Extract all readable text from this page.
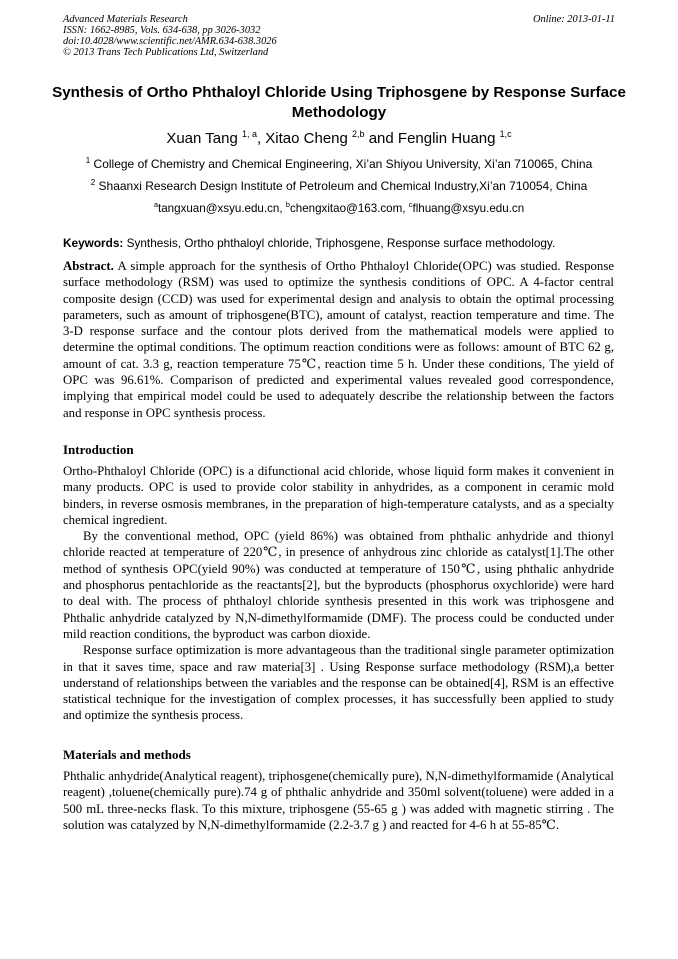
Advanced Materials Research
ISSN: 1662-8985, Vols. 634-638, pp 3026-3032
doi:10.4028/www.scientific.net/AMR.634-638.3026
© 2013 Trans Tech Publications Ltd, Switzerland
Online: 2013-01-11
Synthesis of Ortho Phthaloyl Chloride Using Triphosgene by Response Surface Methodology
Xuan Tang $^{1, a}$, Xitao Cheng $^{2,b}$ and Fenglin Huang $^{1,c}$
$^1$ College of Chemistry and Chemical Engineering, Xi’an Shiyou University, Xi’an 710065, China
$^2$ Shaanxi Research Design Institute of Petroleum and Chemical Industry,Xi’an 710054, China
$^a$tangxuan@xsyu.edu.cn, $^b$chengxitao@163.com, $^c$flhuang@xsyu.edu.cn
Keywords: Synthesis, Ortho phthaloyl chloride, Triphosgene, Response surface methodology.

Abstract. A simple approach for the synthesis of Ortho Phthaloyl Chloride(OPC) was studied. Response surface methodology (RSM) was used to optimize the synthesis conditions of OPC. A 4-factor central composite design (CCD) was used for experimental design and analysis to obtain the optimal processing parameters, such as amount of triphosgene(BTC), amount of catalyst, reaction temperature and time. The 3-D response surface and the contour plots derived from the mathematical models were applied to determine the optimal conditions. The optimum reaction conditions were as follows: amount of BTC 62 g, amount of cat. 3.3 g, reaction temperature 75℃, reaction time 5 h. Under these conditions, The yield of OPC was 96.61%. Comparison of predicted and experimental values revealed good correspondence, implying that empirical model could be used to adequately describe the relationship between the factors and response in OPC synthesis process.

Introduction

Ortho-Phthaloyl Chloride (OPC) is a difunctional acid chloride, whose liquid form makes it convenient in many products. OPC is used to provide color stability in anhydrides, as a component in ceramic mold binders, in reverse osmosis membranes, in the preparation of high-temperature catalysts, and as a specialty chemical ingredient.

By the conventional method, OPC (yield 86%) was obtained from phthalic anhydride and thionyl chloride reacted at temperature of 220℃, in presence of anhydrous zinc chloride as catalyst[1].The other method of synthesis OPC(yield 90%) was conducted at temperature of 150℃, using phthalic anhydride and phosphorus pentachloride as the reactants[2], but the byproducts (phosphorus oxychloride) were hard to deal with. The process of phthaloyl chloride synthesis presented in this work was triphosgene and Phthalic anhydride catalyzed by N,N-dimethylformamide (DMF). The process could be conducted under mild reaction conditions, the byproduct was carbon dioxide.

Response surface optimization is more advantageous than the traditional single parameter optimization in that it saves time, space and raw materia[3] . Using Response surface methodology (RSM),a better understand of relationships between the variables and the response can be obtained[4], RSM is an effective statistical technique for the investigation of complex processes, it has successfully been applied to study and optimize the synthesis process.

Materials and methods

Phthalic anhydride(Analytical reagent), triphosgene(chemically pure), N,N-dimethylformamide (Analytical reagent) ,toluene(chemically pure).74 g of phthalic anhydride and 350ml solvent(toluene) were added in a 500 mL three-necks flask. To this mixture, triphosgene (55-65 g ) was added with magnetic stirring . The solution was catalyzed by N,N-dimethylformamide (2.2-3.7 g ) and reacted for 4-6 h at 55-85℃.
